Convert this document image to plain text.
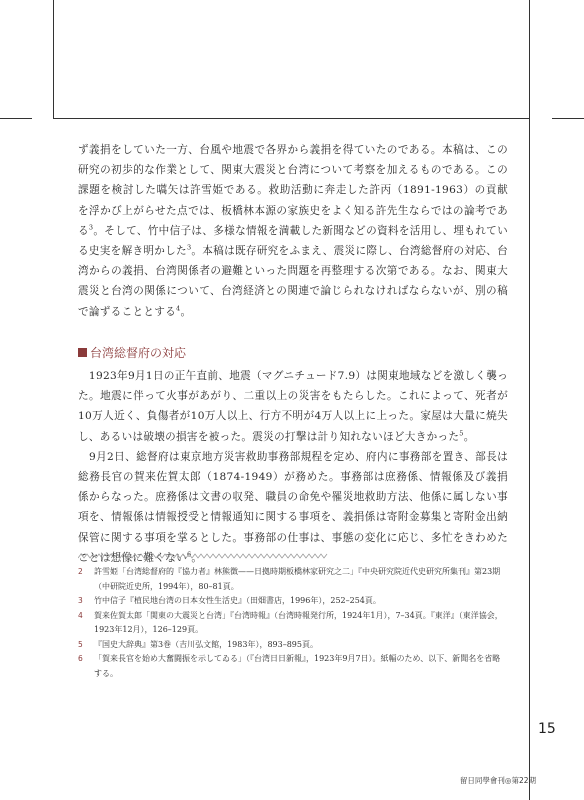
ず義捐をしていた一方、台風や地震で各界から義捐を得ていたのである。本稿は、この研究の初歩的な作業として、関東大震災と台湾について考察を加えるものである。この課題を検討した嚆矢は許雪姫である。救助活動に奔走した許丙（1891-1963）の貢献を浮かび上がらせた点では、板橋林本源の家族史をよく知る許先生ならではの論考である$^3$。そして、竹中信子は、多様な情報を満載した新聞などの資料を活用し、埋もれている史実を解き明かした$^3$。本稿は既存研究をふまえ、震災に際し、台湾総督府の対応、台湾からの義捐、台湾関係者の避難といった問題を再整理する次第である。なお、関東大震災と台湾の関係について、台湾経済との関連で論じられなければならないが、別の稿で論ずることとする$^4$。

台湾総督府の対応

　1923年9月1日の正午直前、地震（マグニチュード7.9）は関東地域などを激しく襲った。地震に伴って火事があがり、二重以上の災害をもたらした。これによって、死者が10万人近く、負傷者が10万人以上、行方不明が4万人以上に上った。家屋は大量に焼失し、あるいは破壊の損害を被った。震災の打撃は計り知れないほど大きかった$^5$。

　9月2日、総督府は東京地方災害救助事務部規程を定め、府内に事務部を置き、部長は総務長官の賀来佐賀太郎（1874-1949）が務めた。事務部は庶務係、情報係及び義捐係からなった。庶務係は文書の収発、職員の命免や罹災地救助方法、他係に属しない事項を、情報係は情報授受と情報通知に関する事項を、義捐係は寄附金募集と寄附金出納保管に関する事項を掌るとした。事務部の仕事は、事態の変化に応じ、多忙をきわめたことは想像に難くない$^6$。

2	許雪姫「台湾総督府的『協力者』林熊徴——日拠時期板橋林家研究之二」『中央研究院近代史研究所集刊』第23期（中研院近史所，1994年），80–81頁。
3	竹中信子『植民地台湾の日本女性生活史』（田畑書店，1996年），252–254頁。
4	賀来佐賀太郎「関東の大震災と台湾」『台湾時報』（台湾時報発行所，1924年1月），7–34頁。『東洋』（東洋協会，1923年12月），126–129頁。
5	『国史大辞典』第3巻（吉川弘文館，1983年），893–895頁。
6	「賀来長官を始め大奮闘振を示してゐる」（『台湾日日新報』，1923年9月7日）。紙幅のため、以下、新聞名を省略する。
15
留日同學會刊◎第22期
